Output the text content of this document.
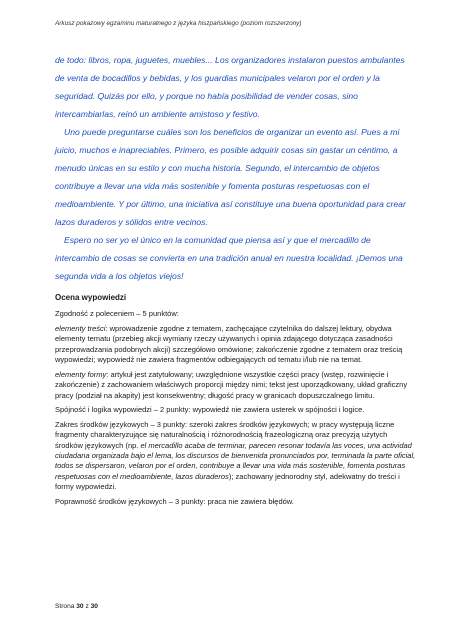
Arkusz pokazowy egzaminu maturalnego z języka hiszpańskiego (poziom rozszerzony)

de todo: libros, ropa, juguetes, muebles... Los organizadores instalaron puestos ambulantes de venta de bocadillos y bebidas, y los guardias municipales velaron por el orden y la seguridad. Quizás por ello, y porque no había posibilidad de vender cosas, sino intercambiarlas, reinó un ambiente amistoso y festivo.

Uno puede preguntarse cuáles son los beneficios de organizar un evento así. Pues a mi juicio, muchos e inapreciables. Primero, es posible adquirir cosas sin gastar un céntimo, a menudo únicas en su estilo y con mucha historia. Segundo, el intercambio de objetos contribuye a llevar una vida más sostenible y fomenta posturas respetuosas con el medioambiente. Y por último, una iniciativa así constituye una buena oportunidad para crear lazos duraderos y sólidos entre vecinos.

Espero no ser yo el único en la comunidad que piensa así y que el mercadillo de intercambio de cosas se convierta en una tradición anual en nuestra localidad. ¡Demos una segunda vida a los objetos viejos!

Ocena wypowiedzi

Zgodność z poleceniem – 5 punktów:

elementy treści: wprowadzenie zgodne z tematem, zachęcające czytelnika do dalszej lektury, obydwa elementy tematu (przebieg akcji wymiany rzeczy używanych i opinia zdającego dotycząca zasadności przeprowadzania podobnych akcji) szczegółowo omówione; zakończenie zgodne z tematem oraz treścią wypowiedzi; wypowiedź nie zawiera fragmentów odbiegających od tematu i/lub nie na temat.

elementy formy: artykuł jest zatytułowany; uwzględnione wszystkie części pracy (wstęp, rozwinięcie i zakończenie) z zachowaniem właściwych proporcji między nimi; tekst jest uporządkowany, układ graficzny pracy (podział na akapity) jest konsekwentny; długość pracy w granicach dopuszczalnego limitu.

Spójność i logika wypowiedzi – 2 punkty: wypowiedź nie zawiera usterek w spójności i logice.

Zakres środków językowych – 3 punkty: szeroki zakres środków językowych; w pracy występują liczne fragmenty charakteryzujące się naturalnością i różnorodnością frazeologiczną oraz precyzją użytych środków językowych (np. el mercadillo acaba de terminar, parecen resonar todavía las voces, una actividad ciudadana organizada bajo el lema, los discursos de bienvenida pronunciados por, terminada la parte oficial, todos se dispersaron, velaron por el orden, contribuye a llevar una vida más sostenible, fomenta posturas respetuosas con el medioambiente, lazos duraderos); zachowany jednorodny styl, adekwatny do treści i formy wypowiedzi.

Poprawność środków językowych – 3 punkty: praca nie zawiera błędów.

Strona 30 z 30
